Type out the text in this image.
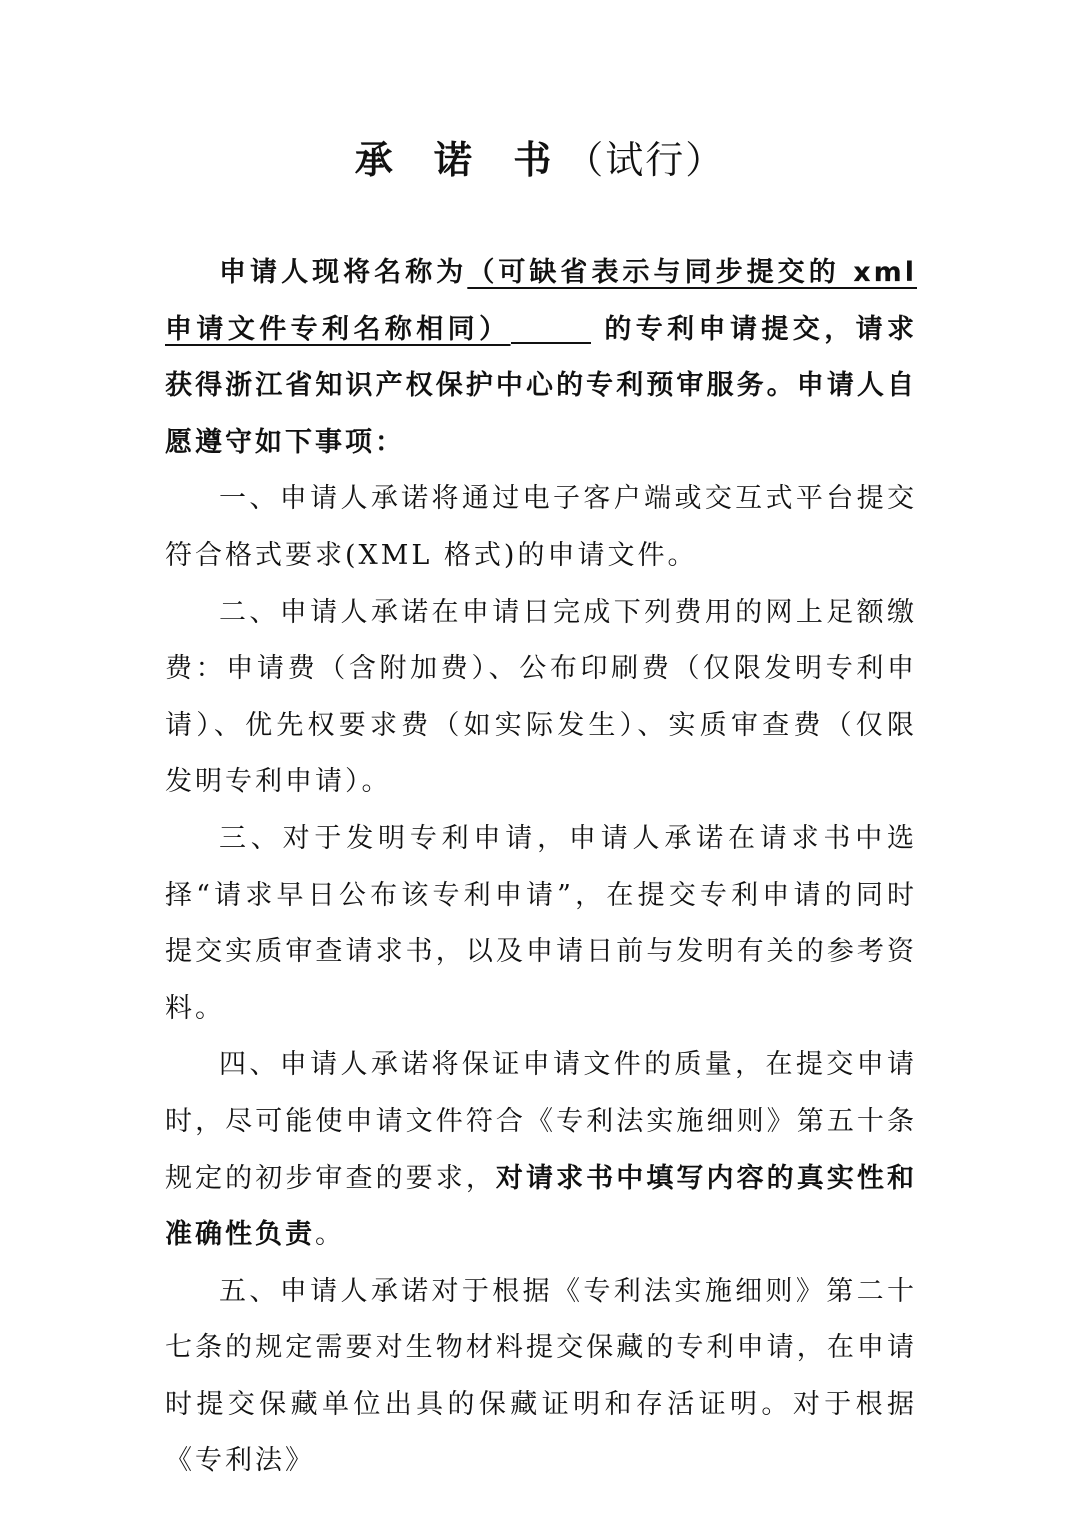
承 诺 书（试行）

申请人现将名称为（可缺省表示与同步提交的 xml 申请文件专利名称相同）	的专利申请提交，请求获得浙江省知识产权保护中心的专利预审服务。申请人自愿遵守如下事项：

一、申请人承诺将通过电子客户端或交互式平台提交符合格式要求(XML 格式)的申请文件。

二、申请人承诺在申请日完成下列费用的网上足额缴费：申请费（含附加费）、公布印刷费（仅限发明专利申请）、优先权要求费（如实际发生）、实质审查费（仅限发明专利申请）。

三、对于发明专利申请，申请人承诺在请求书中选择“请求早日公布该专利申请”，在提交专利申请的同时提交实质审查请求书，以及申请日前与发明有关的参考资料。

四、申请人承诺将保证申请文件的质量，在提交申请时，尽可能使申请文件符合《专利法实施细则》第五十条规定的初步审查的要求，对请求书中填写内容的真实性和准确性负责。

五、申请人承诺对于根据《专利法实施细则》第二十七条的规定需要对生物材料提交保藏的专利申请，在申请时提交保藏单位出具的保藏证明和存活证明。对于根据《专利法》
